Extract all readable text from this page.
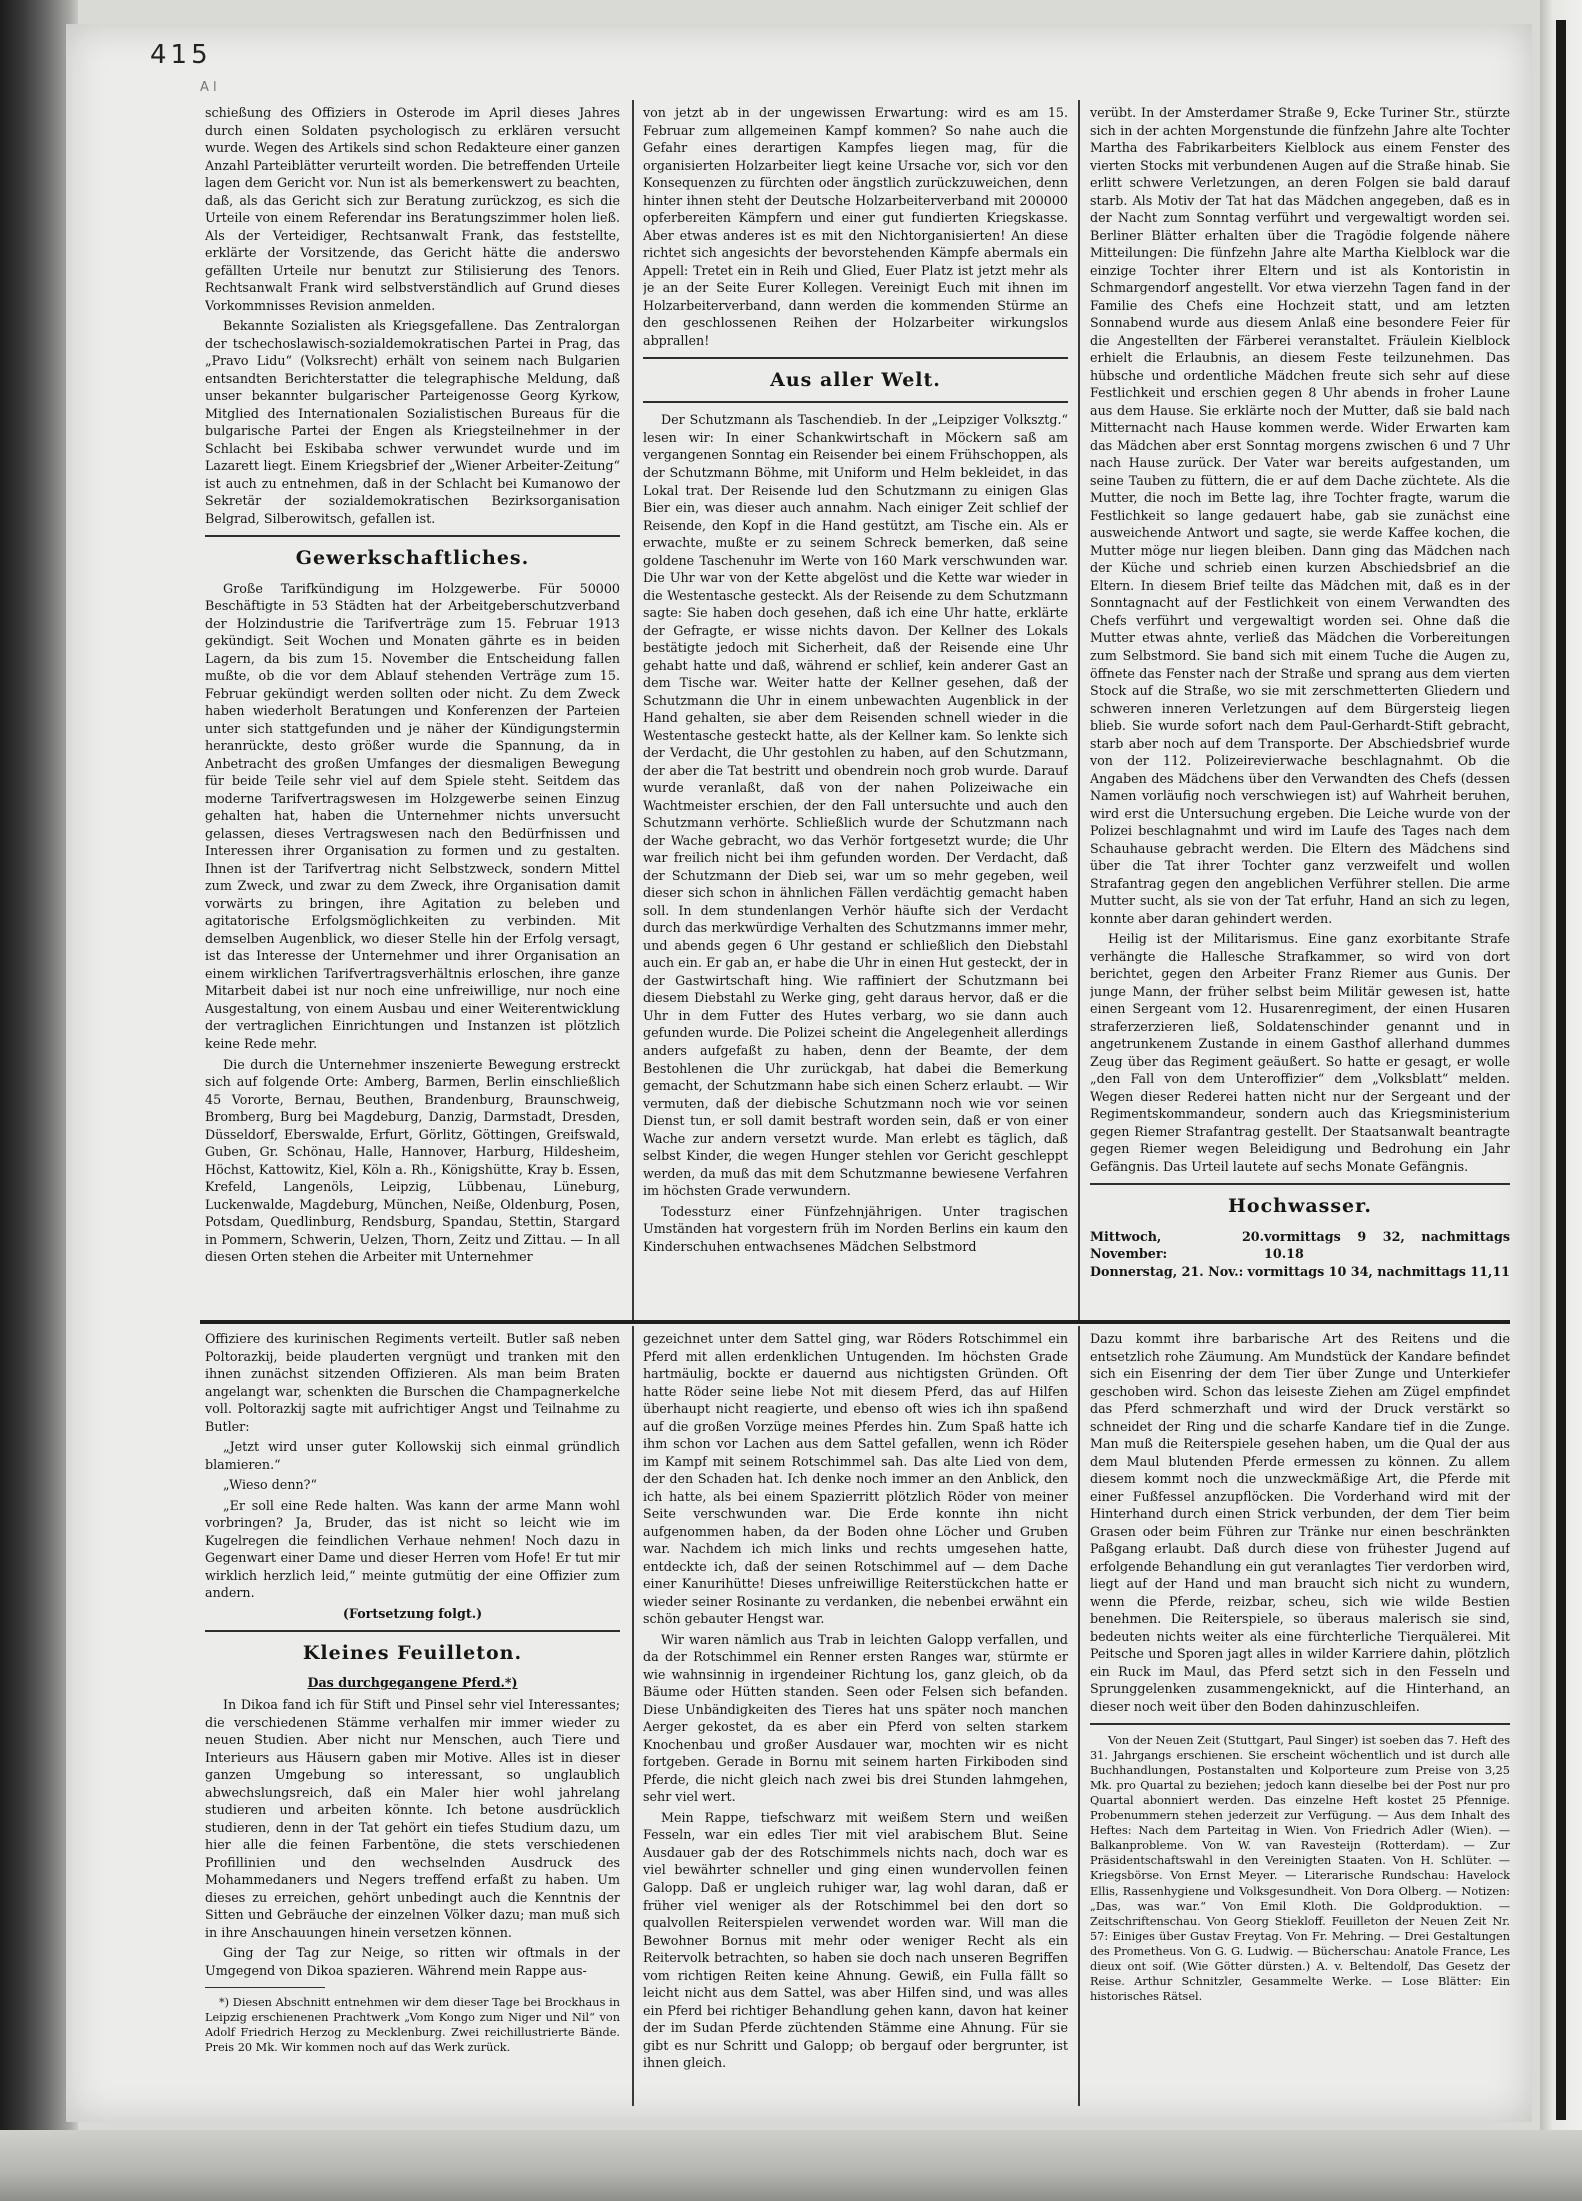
415
A l

schießung des Offiziers in Osterode im April dieses Jahres durch einen Soldaten psychologisch zu erklären versucht wurde. Wegen des Artikels sind schon Redakteure einer ganzen Anzahl Parteiblätter verurteilt worden. Die betreffenden Urteile lagen dem Gericht vor. Nun ist als bemerkenswert zu beachten, daß, als das Gericht sich zur Beratung zurückzog, es sich die Urteile von einem Referendar ins Beratungszimmer holen ließ. Als der Verteidiger, Rechtsanwalt Frank, das feststellte, erklärte der Vorsitzende, das Gericht hätte die anderswo gefällten Urteile nur benutzt zur Stilisierung des Tenors. Rechtsanwalt Frank wird selbstverständlich auf Grund dieses Vorkommnisses Revision anmelden.

Bekannte Sozialisten als Kriegsgefallene. Das Zentralorgan der tschechoslawisch-sozialdemokratischen Partei in Prag, das „Pravo Lidu“ (Volksrecht) erhält von seinem nach Bulgarien entsandten Berichterstatter die telegraphische Meldung, daß unser bekannter bulgarischer Parteigenosse Georg Kyrkow, Mitglied des Internationalen Sozialistischen Bureaus für die bulgarische Partei der Engen als Kriegsteilnehmer in der Schlacht bei Eskibaba schwer verwundet wurde und im Lazarett liegt. Einem Kriegsbrief der „Wiener Arbeiter-Zeitung“ ist auch zu entnehmen, daß in der Schlacht bei Kumanowo der Sekretär der sozialdemokratischen Bezirksorganisation Belgrad, Silberowitsch, gefallen ist.

Gewerkschaftliches.

Große Tarifkündigung im Holzgewerbe. Für 50000 Beschäftigte in 53 Städten hat der Arbeitgeberschutzverband der Holzindustrie die Tarifverträge zum 15. Februar 1913 gekündigt. Seit Wochen und Monaten gährte es in beiden Lagern, da bis zum 15. November die Entscheidung fallen mußte, ob die vor dem Ablauf stehenden Verträge zum 15. Februar gekündigt werden sollten oder nicht. Zu dem Zweck haben wiederholt Beratungen und Konferenzen der Parteien unter sich stattgefunden und je näher der Kündigungstermin heranrückte, desto größer wurde die Spannung, da in Anbetracht des großen Umfanges der diesmaligen Bewegung für beide Teile sehr viel auf dem Spiele steht. Seitdem das moderne Tarifvertragswesen im Holzgewerbe seinen Einzug gehalten hat, haben die Unternehmer nichts unversucht gelassen, dieses Vertragswesen nach den Bedürfnissen und Interessen ihrer Organisation zu formen und zu gestalten. Ihnen ist der Tarifvertrag nicht Selbstzweck, sondern Mittel zum Zweck, und zwar zu dem Zweck, ihre Organisation damit vorwärts zu bringen, ihre Agitation zu beleben und agitatorische Erfolgsmöglichkeiten zu verbinden. Mit demselben Augenblick, wo dieser Stelle hin der Erfolg versagt, ist das Interesse der Unternehmer und ihrer Organisation an einem wirklichen Tarifvertragsverhältnis erloschen, ihre ganze Mitarbeit dabei ist nur noch eine unfreiwillige, nur noch eine Ausgestaltung, von einem Ausbau und einer Weiterentwicklung der vertraglichen Einrichtungen und Instanzen ist plötzlich keine Rede mehr.

Die durch die Unternehmer inszenierte Bewegung erstreckt sich auf folgende Orte: Amberg, Barmen, Berlin einschließlich 45 Vororte, Bernau, Beuthen, Brandenburg, Braunschweig, Bromberg, Burg bei Magdeburg, Danzig, Darmstadt, Dresden, Düsseldorf, Eberswalde, Erfurt, Görlitz, Göttingen, Greifswald, Guben, Gr. Schönau, Halle, Hannover, Harburg, Hildesheim, Höchst, Kattowitz, Kiel, Köln a. Rh., Königshütte, Kray b. Essen, Krefeld, Langenöls, Leipzig, Lübbenau, Lüneburg, Luckenwalde, Magdeburg, München, Neiße, Oldenburg, Posen, Potsdam, Quedlinburg, Rendsburg, Spandau, Stettin, Stargard in Pommern, Schwerin, Uelzen, Thorn, Zeitz und Zittau. — In all diesen Orten stehen die Arbeiter mit Unternehmer

von jetzt ab in der ungewissen Erwartung: wird es am 15. Februar zum allgemeinen Kampf kommen? So nahe auch die Gefahr eines derartigen Kampfes liegen mag, für die organisierten Holzarbeiter liegt keine Ursache vor, sich vor den Konsequenzen zu fürchten oder ängstlich zurückzuweichen, denn hinter ihnen steht der Deutsche Holzarbeiterverband mit 200000 opferbereiten Kämpfern und einer gut fundierten Kriegskasse. Aber etwas anderes ist es mit den Nichtorganisierten! An diese richtet sich angesichts der bevorstehenden Kämpfe abermals ein Appell: Tretet ein in Reih und Glied, Euer Platz ist jetzt mehr als je an der Seite Eurer Kollegen. Vereinigt Euch mit ihnen im Holzarbeiterverband, dann werden die kommenden Stürme an den geschlossenen Reihen der Holzarbeiter wirkungslos abprallen!

Aus aller Welt.

Der Schutzmann als Taschendieb. In der „Leipziger Volksztg.“ lesen wir: In einer Schankwirtschaft in Möckern saß am vergangenen Sonntag ein Reisender bei einem Frühschoppen, als der Schutzmann Böhme, mit Uniform und Helm bekleidet, in das Lokal trat. Der Reisende lud den Schutzmann zu einigen Glas Bier ein, was dieser auch annahm. Nach einiger Zeit schlief der Reisende, den Kopf in die Hand gestützt, am Tische ein. Als er erwachte, mußte er zu seinem Schreck bemerken, daß seine goldene Taschenuhr im Werte von 160 Mark verschwunden war. Die Uhr war von der Kette abgelöst und die Kette war wieder in die Westentasche gesteckt. Als der Reisende zu dem Schutzmann sagte: Sie haben doch gesehen, daß ich eine Uhr hatte, erklärte der Gefragte, er wisse nichts davon. Der Kellner des Lokals bestätigte jedoch mit Sicherheit, daß der Reisende eine Uhr gehabt hatte und daß, während er schlief, kein anderer Gast an dem Tische war. Weiter hatte der Kellner gesehen, daß der Schutzmann die Uhr in einem unbewachten Augenblick in der Hand gehalten, sie aber dem Reisenden schnell wieder in die Westentasche gesteckt hatte, als der Kellner kam. So lenkte sich der Verdacht, die Uhr gestohlen zu haben, auf den Schutzmann, der aber die Tat bestritt und obendrein noch grob wurde. Darauf wurde veranlaßt, daß von der nahen Polizeiwache ein Wachtmeister erschien, der den Fall untersuchte und auch den Schutzmann verhörte. Schließlich wurde der Schutzmann nach der Wache gebracht, wo das Verhör fortgesetzt wurde; die Uhr war freilich nicht bei ihm gefunden worden. Der Verdacht, daß der Schutzmann der Dieb sei, war um so mehr gegeben, weil dieser sich schon in ähnlichen Fällen verdächtig gemacht haben soll. In dem stundenlangen Verhör häufte sich der Verdacht durch das merkwürdige Verhalten des Schutzmanns immer mehr, und abends gegen 6 Uhr gestand er schließlich den Diebstahl auch ein. Er gab an, er habe die Uhr in einen Hut gesteckt, der in der Gastwirtschaft hing. Wie raffiniert der Schutzmann bei diesem Diebstahl zu Werke ging, geht daraus hervor, daß er die Uhr in dem Futter des Hutes verbarg, wo sie dann auch gefunden wurde. Die Polizei scheint die Angelegenheit allerdings anders aufgefaßt zu haben, denn der Beamte, der dem Bestohlenen die Uhr zurückgab, hat dabei die Bemerkung gemacht, der Schutzmann habe sich einen Scherz erlaubt. — Wir vermuten, daß der diebische Schutzmann noch wie vor seinen Dienst tun, er soll damit bestraft worden sein, daß er von einer Wache zur andern versetzt wurde. Man erlebt es täglich, daß selbst Kinder, die wegen Hunger stehlen vor Gericht geschleppt werden, da muß das mit dem Schutzmanne bewiesene Verfahren im höchsten Grade verwundern.

Todessturz einer Fünfzehnjährigen. Unter tragischen Umständen hat vorgestern früh im Norden Berlins ein kaum den Kinderschuhen entwachsenes Mädchen Selbstmord

verübt. In der Amsterdamer Straße 9, Ecke Turiner Str., stürzte sich in der achten Morgenstunde die fünfzehn Jahre alte Tochter Martha des Fabrikarbeiters Kielblock aus einem Fenster des vierten Stocks mit verbundenen Augen auf die Straße hinab. Sie erlitt schwere Verletzungen, an deren Folgen sie bald darauf starb. Als Motiv der Tat hat das Mädchen angegeben, daß es in der Nacht zum Sonntag verführt und vergewaltigt worden sei. Berliner Blätter erhalten über die Tragödie folgende nähere Mitteilungen: Die fünfzehn Jahre alte Martha Kielblock war die einzige Tochter ihrer Eltern und ist als Kontoristin in Schmargendorf angestellt. Vor etwa vierzehn Tagen fand in der Familie des Chefs eine Hochzeit statt, und am letzten Sonnabend wurde aus diesem Anlaß eine besondere Feier für die Angestellten der Färberei veranstaltet. Fräulein Kielblock erhielt die Erlaubnis, an diesem Feste teilzunehmen. Das hübsche und ordentliche Mädchen freute sich sehr auf diese Festlichkeit und erschien gegen 8 Uhr abends in froher Laune aus dem Hause. Sie erklärte noch der Mutter, daß sie bald nach Mitternacht nach Hause kommen werde. Wider Erwarten kam das Mädchen aber erst Sonntag morgens zwischen 6 und 7 Uhr nach Hause zurück. Der Vater war bereits aufgestanden, um seine Tauben zu füttern, die er auf dem Dache züchtete. Als die Mutter, die noch im Bette lag, ihre Tochter fragte, warum die Festlichkeit so lange gedauert habe, gab sie zunächst eine ausweichende Antwort und sagte, sie werde Kaffee kochen, die Mutter möge nur liegen bleiben. Dann ging das Mädchen nach der Küche und schrieb einen kurzen Abschiedsbrief an die Eltern. In diesem Brief teilte das Mädchen mit, daß es in der Sonntagnacht auf der Festlichkeit von einem Verwandten des Chefs verführt und vergewaltigt worden sei. Ohne daß die Mutter etwas ahnte, verließ das Mädchen die Vorbereitungen zum Selbstmord. Sie band sich mit einem Tuche die Augen zu, öffnete das Fenster nach der Straße und sprang aus dem vierten Stock auf die Straße, wo sie mit zerschmetterten Gliedern und schweren inneren Verletzungen auf dem Bürgersteig liegen blieb. Sie wurde sofort nach dem Paul-Gerhardt-Stift gebracht, starb aber noch auf dem Transporte. Der Abschiedsbrief wurde von der 112. Polizeirevierwache beschlagnahmt. Ob die Angaben des Mädchens über den Verwandten des Chefs (dessen Namen vorläufig noch verschwiegen ist) auf Wahrheit beruhen, wird erst die Untersuchung ergeben. Die Leiche wurde von der Polizei beschlagnahmt und wird im Laufe des Tages nach dem Schauhause gebracht werden. Die Eltern des Mädchens sind über die Tat ihrer Tochter ganz verzweifelt und wollen Strafantrag gegen den angeblichen Verführer stellen. Die arme Mutter sucht, als sie von der Tat erfuhr, Hand an sich zu legen, konnte aber daran gehindert werden.

Heilig ist der Militarismus. Eine ganz exorbitante Strafe verhängte die Hallesche Strafkammer, so wird von dort berichtet, gegen den Arbeiter Franz Riemer aus Gunis. Der junge Mann, der früher selbst beim Militär gewesen ist, hatte einen Sergeant vom 12. Husarenregiment, der einen Husaren straferzerzieren ließ, Soldatenschinder genannt und in angetrunkenem Zustande in einem Gasthof allerhand dummes Zeug über das Regiment geäußert. So hatte er gesagt, er wolle „den Fall von dem Unteroffizier“ dem „Volksblatt“ melden. Wegen dieser Rederei hatten nicht nur der Sergeant und der Regimentskommandeur, sondern auch das Kriegsministerium gegen Riemer Strafantrag gestellt. Der Staatsanwalt beantragte gegen Riemer wegen Beleidigung und Bedrohung ein Jahr Gefängnis. Das Urteil lautete auf sechs Monate Gefängnis.

Hochwasser.
Mittwoch, 20. November:
vormittags 9 32, nachmittags 10.18
Donnerstag, 21. Nov.: vormittags 10 34, nachmittags 11,11

Offiziere des kurinischen Regiments verteilt. Butler saß neben Poltorazkij, beide plauderten vergnügt und tranken mit den ihnen zunächst sitzenden Offizieren. Als man beim Braten angelangt war, schenkten die Burschen die Champagnerkelche voll. Poltorazkij sagte mit aufrichtiger Angst und Teilnahme zu Butler:

„Jetzt wird unser guter Kollowskij sich einmal gründlich blamieren.“

„Wieso denn?“

„Er soll eine Rede halten. Was kann der arme Mann wohl vorbringen? Ja, Bruder, das ist nicht so leicht wie im Kugelregen die feindlichen Verhaue nehmen! Noch dazu in Gegenwart einer Dame und dieser Herren vom Hofe! Er tut mir wirklich herzlich leid,“ meinte gutmütig der eine Offizier zum andern.

(Fortsetzung folgt.)

Kleines Feuilleton.
Das durchgegangene Pferd.*)

In Dikoa fand ich für Stift und Pinsel sehr viel Interessantes; die verschiedenen Stämme verhalfen mir immer wieder zu neuen Studien. Aber nicht nur Menschen, auch Tiere und Interieurs aus Häusern gaben mir Motive. Alles ist in dieser ganzen Umgebung so interessant, so unglaublich abwechslungsreich, daß ein Maler hier wohl jahrelang studieren und arbeiten könnte. Ich betone ausdrücklich studieren, denn in der Tat gehört ein tiefes Studium dazu, um hier alle die feinen Farbentöne, die stets verschiedenen Profillinien und den wechselnden Ausdruck des Mohammedaners und Negers treffend erfaßt zu haben. Um dieses zu erreichen, gehört unbedingt auch die Kenntnis der Sitten und Gebräuche der einzelnen Völker dazu; man muß sich in ihre Anschauungen hinein versetzen können.

Ging der Tag zur Neige, so ritten wir oftmals in der Umgegend von Dikoa spazieren. Während mein Rappe aus-

*) Diesen Abschnitt entnehmen wir dem dieser Tage bei Brockhaus in Leipzig erschienenen Prachtwerk „Vom Kongo zum Niger und Nil“ von Adolf Friedrich Herzog zu Mecklenburg. Zwei reichillustrierte Bände. Preis 20 Mk. Wir kommen noch auf das Werk zurück.

gezeichnet unter dem Sattel ging, war Röders Rotschimmel ein Pferd mit allen erdenklichen Untugenden. Im höchsten Grade hartmäulig, bockte er dauernd aus nichtigsten Gründen. Oft hatte Röder seine liebe Not mit diesem Pferd, das auf Hilfen überhaupt nicht reagierte, und ebenso oft wies ich ihn spaßend auf die großen Vorzüge meines Pferdes hin. Zum Spaß hatte ich ihm schon vor Lachen aus dem Sattel gefallen, wenn ich Röder im Kampf mit seinem Rotschimmel sah. Das alte Lied von dem, der den Schaden hat. Ich denke noch immer an den Anblick, den ich hatte, als bei einem Spazierritt plötzlich Röder von meiner Seite verschwunden war. Die Erde konnte ihn nicht aufgenommen haben, da der Boden ohne Löcher und Gruben war. Nachdem ich mich links und rechts umgesehen hatte, entdeckte ich, daß der seinen Rotschimmel auf — dem Dache einer Kanurihütte! Dieses unfreiwillige Reiterstückchen hatte er wieder seiner Rosinante zu verdanken, die nebenbei erwähnt ein schön gebauter Hengst war.

Wir waren nämlich aus Trab in leichten Galopp verfallen, und da der Rotschimmel ein Renner ersten Ranges war, stürmte er wie wahnsinnig in irgendeiner Richtung los, ganz gleich, ob da Bäume oder Hütten standen. Seen oder Felsen sich befanden. Diese Unbändigkeiten des Tieres hat uns später noch manchen Aerger gekostet, da es aber ein Pferd von selten starkem Knochenbau und großer Ausdauer war, mochten wir es nicht fortgeben. Gerade in Bornu mit seinem harten Firkiboden sind Pferde, die nicht gleich nach zwei bis drei Stunden lahmgehen, sehr viel wert.

Mein Rappe, tiefschwarz mit weißem Stern und weißen Fesseln, war ein edles Tier mit viel arabischem Blut. Seine Ausdauer gab der des Rotschimmels nichts nach, doch war es viel bewährter schneller und ging einen wundervollen feinen Galopp. Daß er ungleich ruhiger war, lag wohl daran, daß er früher viel weniger als der Rotschimmel bei den dort so qualvollen Reiterspielen verwendet worden war. Will man die Bewohner Bornus mit mehr oder weniger Recht als ein Reitervolk betrachten, so haben sie doch nach unseren Begriffen vom richtigen Reiten keine Ahnung. Gewiß, ein Fulla fällt so leicht nicht aus dem Sattel, was aber Hilfen sind, und was alles ein Pferd bei richtiger Behandlung gehen kann, davon hat keiner der im Sudan Pferde züchtenden Stämme eine Ahnung. Für sie gibt es nur Schritt und Galopp; ob bergauf oder bergrunter, ist ihnen gleich.

Dazu kommt ihre barbarische Art des Reitens und die entsetzlich rohe Zäumung. Am Mundstück der Kandare befindet sich ein Eisenring der dem Tier über Zunge und Unterkiefer geschoben wird. Schon das leiseste Ziehen am Zügel empfindet das Pferd schmerzhaft und wird der Druck verstärkt so schneidet der Ring und die scharfe Kandare tief in die Zunge. Man muß die Reiterspiele gesehen haben, um die Qual der aus dem Maul blutenden Pferde ermessen zu können. Zu allem diesem kommt noch die unzweckmäßige Art, die Pferde mit einer Fußfessel anzupflöcken. Die Vorderhand wird mit der Hinterhand durch einen Strick verbunden, der dem Tier beim Grasen oder beim Führen zur Tränke nur einen beschränkten Paßgang erlaubt. Daß durch diese von frühester Jugend auf erfolgende Behandlung ein gut veranlagtes Tier verdorben wird, liegt auf der Hand und man braucht sich nicht zu wundern, wenn die Pferde, reizbar, scheu, sich wie wilde Bestien benehmen. Die Reiterspiele, so überaus malerisch sie sind, bedeuten nichts weiter als eine fürchterliche Tierquälerei. Mit Peitsche und Sporen jagt alles in wilder Karriere dahin, plötzlich ein Ruck im Maul, das Pferd setzt sich in den Fesseln und Sprunggelenken zusammengeknickt, auf die Hinterhand, an dieser noch weit über den Boden dahinzuschleifen.

Von der Neuen Zeit (Stuttgart, Paul Singer) ist soeben das 7. Heft des 31. Jahrgangs erschienen. Sie erscheint wöchentlich und ist durch alle Buchhandlungen, Postanstalten und Kolporteure zum Preise von 3,25 Mk. pro Quartal zu beziehen; jedoch kann dieselbe bei der Post nur pro Quartal abonniert werden. Das einzelne Heft kostet 25 Pfennige. Probenummern stehen jederzeit zur Verfügung. — Aus dem Inhalt des Heftes: Nach dem Parteitag in Wien. Von Friedrich Adler (Wien). — Balkanprobleme. Von W. van Ravesteijn (Rotterdam). — Zur Präsidentschaftswahl in den Vereinigten Staaten. Von H. Schlüter. — Kriegsbörse. Von Ernst Meyer. — Literarische Rundschau: Havelock Ellis, Rassenhygiene und Volksgesundheit. Von Dora Olberg. — Notizen: „Das, was war.“ Von Emil Kloth. Die Goldproduktion. — Zeitschriftenschau. Von Georg Stiekloff. Feuilleton der Neuen Zeit Nr. 57: Einiges über Gustav Freytag. Von Fr. Mehring. — Drei Gestaltungen des Prometheus. Von G. G. Ludwig. — Bücherschau: Anatole France, Les dieux ont soif. (Wie Götter dürsten.) A. v. Beltendolf, Das Gesetz der Reise. Arthur Schnitzler, Gesammelte Werke. — Lose Blätter: Ein historisches Rätsel.
